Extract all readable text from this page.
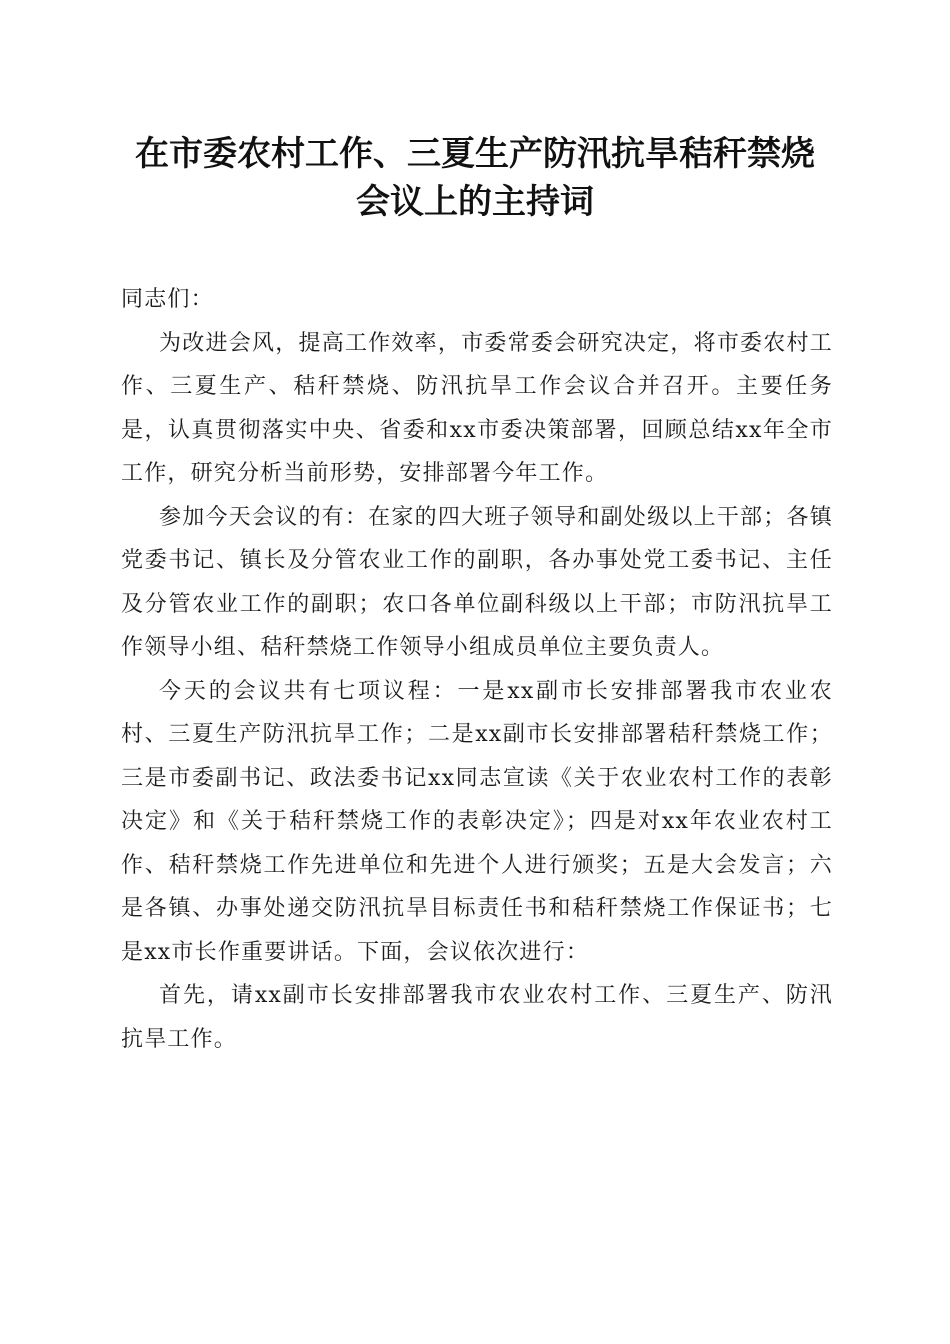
在市委农村工作、三夏生产防汛抗旱秸秆禁烧
会议上的主持词

同志们：

为改进会风，提高工作效率，市委常委会研究决定，将市委农村工作、三夏生产、秸秆禁烧、防汛抗旱工作会议合并召开。主要任务是，认真贯彻落实中央、省委和xx市委决策部署，回顾总结xx年全市工作，研究分析当前形势，安排部署今年工作。

参加今天会议的有：在家的四大班子领导和副处级以上干部；各镇党委书记、镇长及分管农业工作的副职，各办事处党工委书记、主任及分管农业工作的副职；农口各单位副科级以上干部；市防汛抗旱工作领导小组、秸秆禁烧工作领导小组成员单位主要负责人。

今天的会议共有七项议程：一是xx副市长安排部署我市农业农村、三夏生产防汛抗旱工作；二是xx副市长安排部署秸秆禁烧工作；三是市委副书记、政法委书记xx同志宣读《关于农业农村工作的表彰决定》和《关于秸秆禁烧工作的表彰决定》；四是对xx年农业农村工作、秸秆禁烧工作先进单位和先进个人进行颁奖；五是大会发言；六是各镇、办事处递交防汛抗旱目标责任书和秸秆禁烧工作保证书；七是xx市长作重要讲话。下面，会议依次进行：

首先，请xx副市长安排部署我市农业农村工作、三夏生产、防汛抗旱工作。
